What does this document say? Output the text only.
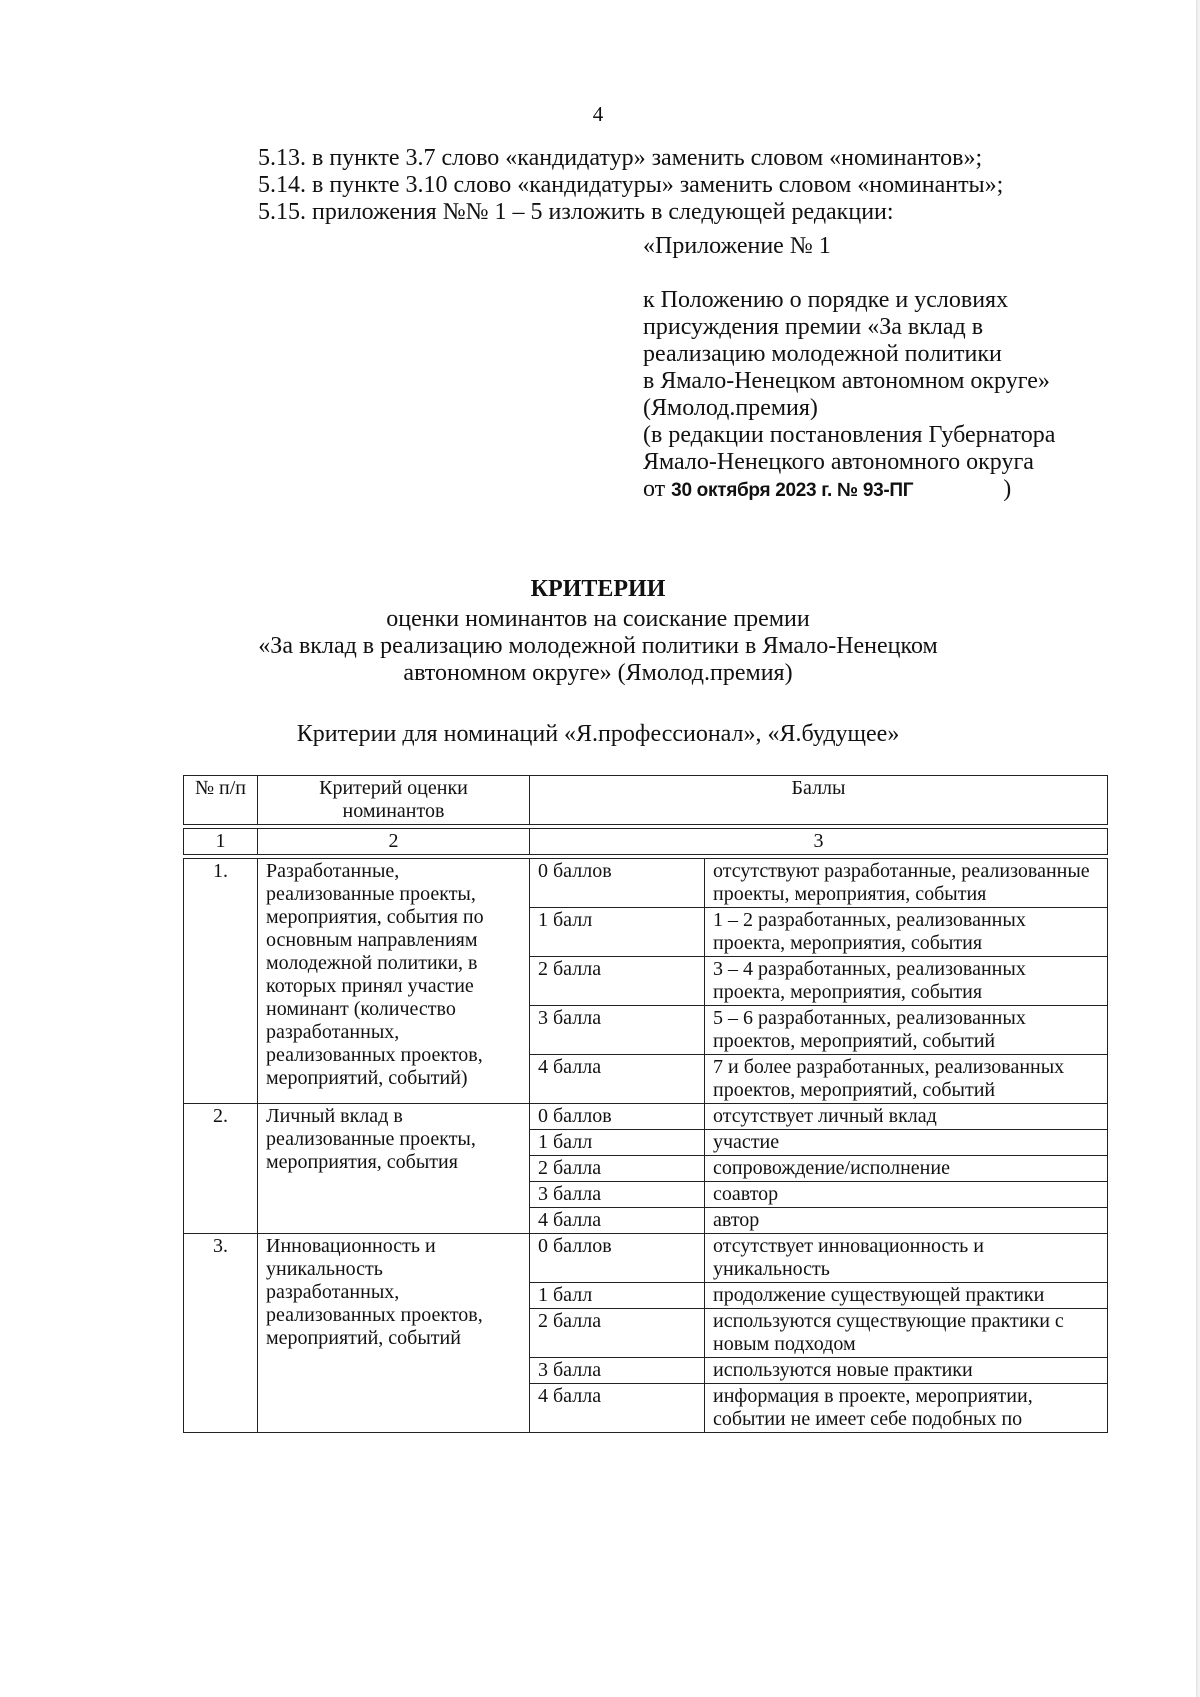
4
5.13. в пункте 3.7 слово «кандидатур» заменить словом «номинантов»;
5.14. в пункте 3.10 слово «кандидатуры» заменить словом «номинанты»;
5.15. приложения №№ 1 – 5 изложить в следующей редакции:
«Приложение № 1
к Положению о порядке и условиях
присуждения премии «За вклад в
реализацию молодежной политики
в Ямало-Ненецком автономном округе»
(Ямолод.премия)
(в редакции постановления Губернатора
Ямало-Ненецкого автономного округа
от 30 октября 2023 г. № 93-ПГ	)
КРИТЕРИИ
оценки номинантов на соискание премии
«За вклад в реализацию молодежной политики в Ямало-Ненецком
автономном округе» (Ямолод.премия)
Критерии для номинаций «Я.профессионал», «Я.будущее»
№ п/п	Критерий оценки номинантов	Баллы	

1	2	3	

1.	Разработанные, реализованные проекты, мероприятия, события по основным направлениям молодежной политики, в которых принял участие номинант (количество разработанных, реализованных проектов, мероприятий, событий)	0 баллов	отсутствуют разработанные, реализованные проекты, мероприятия, события
		1 балл	1 – 2 разработанных, реализованных проекта, мероприятия, события
		2 балла	3 – 4 разработанных, реализованных проекта, мероприятия, события
		3 балла	5 – 6 разработанных, реализованных проектов, мероприятий, событий
		4 балла	7 и более разработанных, реализованных проектов, мероприятий, событий
2.	Личный вклад в реализованные проекты, мероприятия, события	0 баллов	отсутствует личный вклад
		1 балл	участие
		2 балла	сопровождение/исполнение
		3 балла	соавтор
		4 балла	автор
3.	Инновационность и уникальность разработанных, реализованных проектов, мероприятий, событий	0 баллов	отсутствует инновационность и уникальность
		1 балл	продолжение существующей практики
		2 балла	используются существующие практики с новым подходом
		3 балла	используются новые практики
		4 балла	информация в проекте, мероприятии, событии не имеет себе подобных по
